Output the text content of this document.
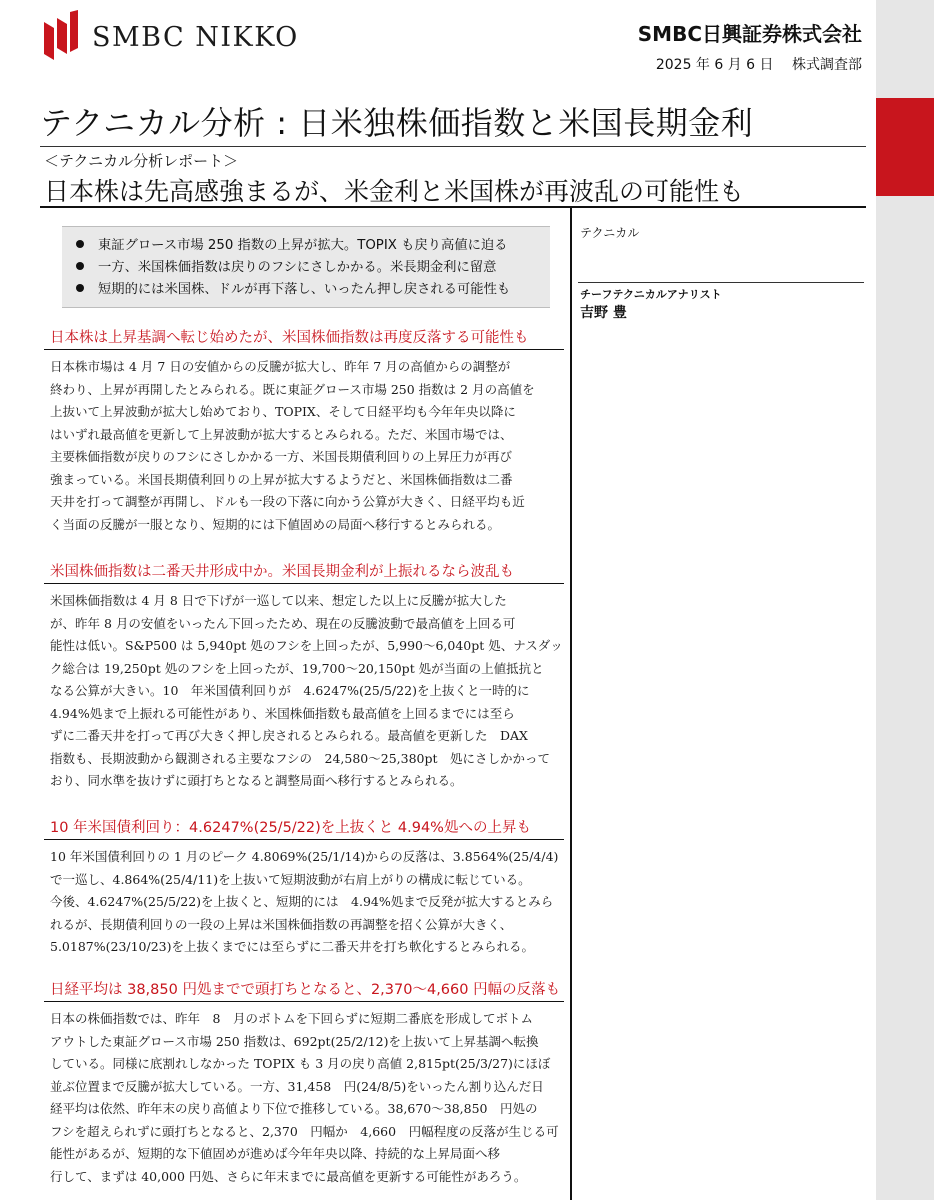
SMBC NIKKO	SMBC日興証券株式会社
2025 年 6 月 6 日　 株式調査部
テクニカル分析 : 日米独株価指数と米国長期金利
＜テクニカル分析レポート＞
日本株は先高感強まるが、米金利と米国株が再波乱の可能性も
東証グロース市場 250 指数の上昇が拡大。TOPIX も戻り高値に迫る
一方、米国株価指数は戻りのフシにさしかかる。米長期金利に留意
短期的には米国株、ドルが再下落し、いったん押し戻される可能性も
テクニカル
チーフテクニカルアナリスト
吉野 豊
日本株は上昇基調へ転じ始めたが、米国株価指数は再度反落する可能性も
日本株市場は 4 月 7 日の安値からの反騰が拡大し、昨年 7 月の高値からの調整が
終わり、上昇が再開したとみられる。既に東証グロース市場 250 指数は 2 月の高値を
上抜いて上昇波動が拡大し始めており、TOPIX、そして日経平均も今年年央以降に
はいずれ最高値を更新して上昇波動が拡大するとみられる。ただ、米国市場では、
主要株価指数が戻りのフシにさしかかる一方、米国長期債利回りの上昇圧力が再び
強まっている。米国長期債利回りの上昇が拡大するようだと、米国株価指数は二番
天井を打って調整が再開し、ドルも一段の下落に向かう公算が大きく、日経平均も近
く当面の反騰が一服となり、短期的には下値固めの局面へ移行するとみられる。
米国株価指数は二番天井形成中か。米国長期金利が上振れるなら波乱も
米国株価指数は 4 月 8 日で下げが一巡して以来、想定した以上に反騰が拡大した
が、昨年 8 月の安値をいったん下回ったため、現在の反騰波動で最高値を上回る可
能性は低い。S&P500 は 5,940pt 処のフシを上回ったが、5,990～6,040pt 処、ナスダッ
ク総合は 19,250pt 処のフシを上回ったが、19,700～20,150pt 処が当面の上値抵抗と
なる公算が大きい。10　年米国債利回りが　4.6247%(25/5/22)を上抜くと一時的に
4.94%処まで上振れる可能性があり、米国株価指数も最高値を上回るまでには至ら
ずに二番天井を打って再び大きく押し戻されるとみられる。最高値を更新した　DAX
指数も、長期波動から観測される主要なフシの　24,580～25,380pt　処にさしかかって
おり、同水準を抜けずに頭打ちとなると調整局面へ移行するとみられる。
10 年米国債利回り：4.6247%(25/5/22)を上抜くと 4.94%処への上昇も
10 年米国債利回りの 1 月のピーク 4.8069%(25/1/14)からの反落は、3.8564%(25/4/4)
で一巡し、4.864%(25/4/11)を上抜いて短期波動が右肩上がりの構成に転じている。
今後、4.6247%(25/5/22)を上抜くと、短期的には　4.94%処まで反発が拡大するとみら
れるが、長期債利回りの一段の上昇は米国株価指数の再調整を招く公算が大きく、
5.0187%(23/10/23)を上抜くまでには至らずに二番天井を打ち軟化するとみられる。
日経平均は 38,850 円処までで頭打ちとなると、2,370～4,660 円幅の反落も
日本の株価指数では、昨年　8　月のボトムを下回らずに短期二番底を形成してボトム
アウトした東証グロース市場 250 指数は、692pt(25/2/12)を上抜いて上昇基調へ転換
している。同様に底割れしなかった TOPIX も 3 月の戻り高値 2,815pt(25/3/27)にほぼ
並ぶ位置まで反騰が拡大している。一方、31,458　円(24/8/5)をいったん割り込んだ日
経平均は依然、昨年末の戻り高値より下位で推移している。38,670～38,850　円処の
フシを超えられずに頭打ちとなると、2,370　円幅か　4,660　円幅程度の反落が生じる可
能性があるが、短期的な下値固めが進めば今年年央以降、持続的な上昇局面へ移
行して、まずは 40,000 円処、さらに年末までに最高値を更新する可能性があろう。
